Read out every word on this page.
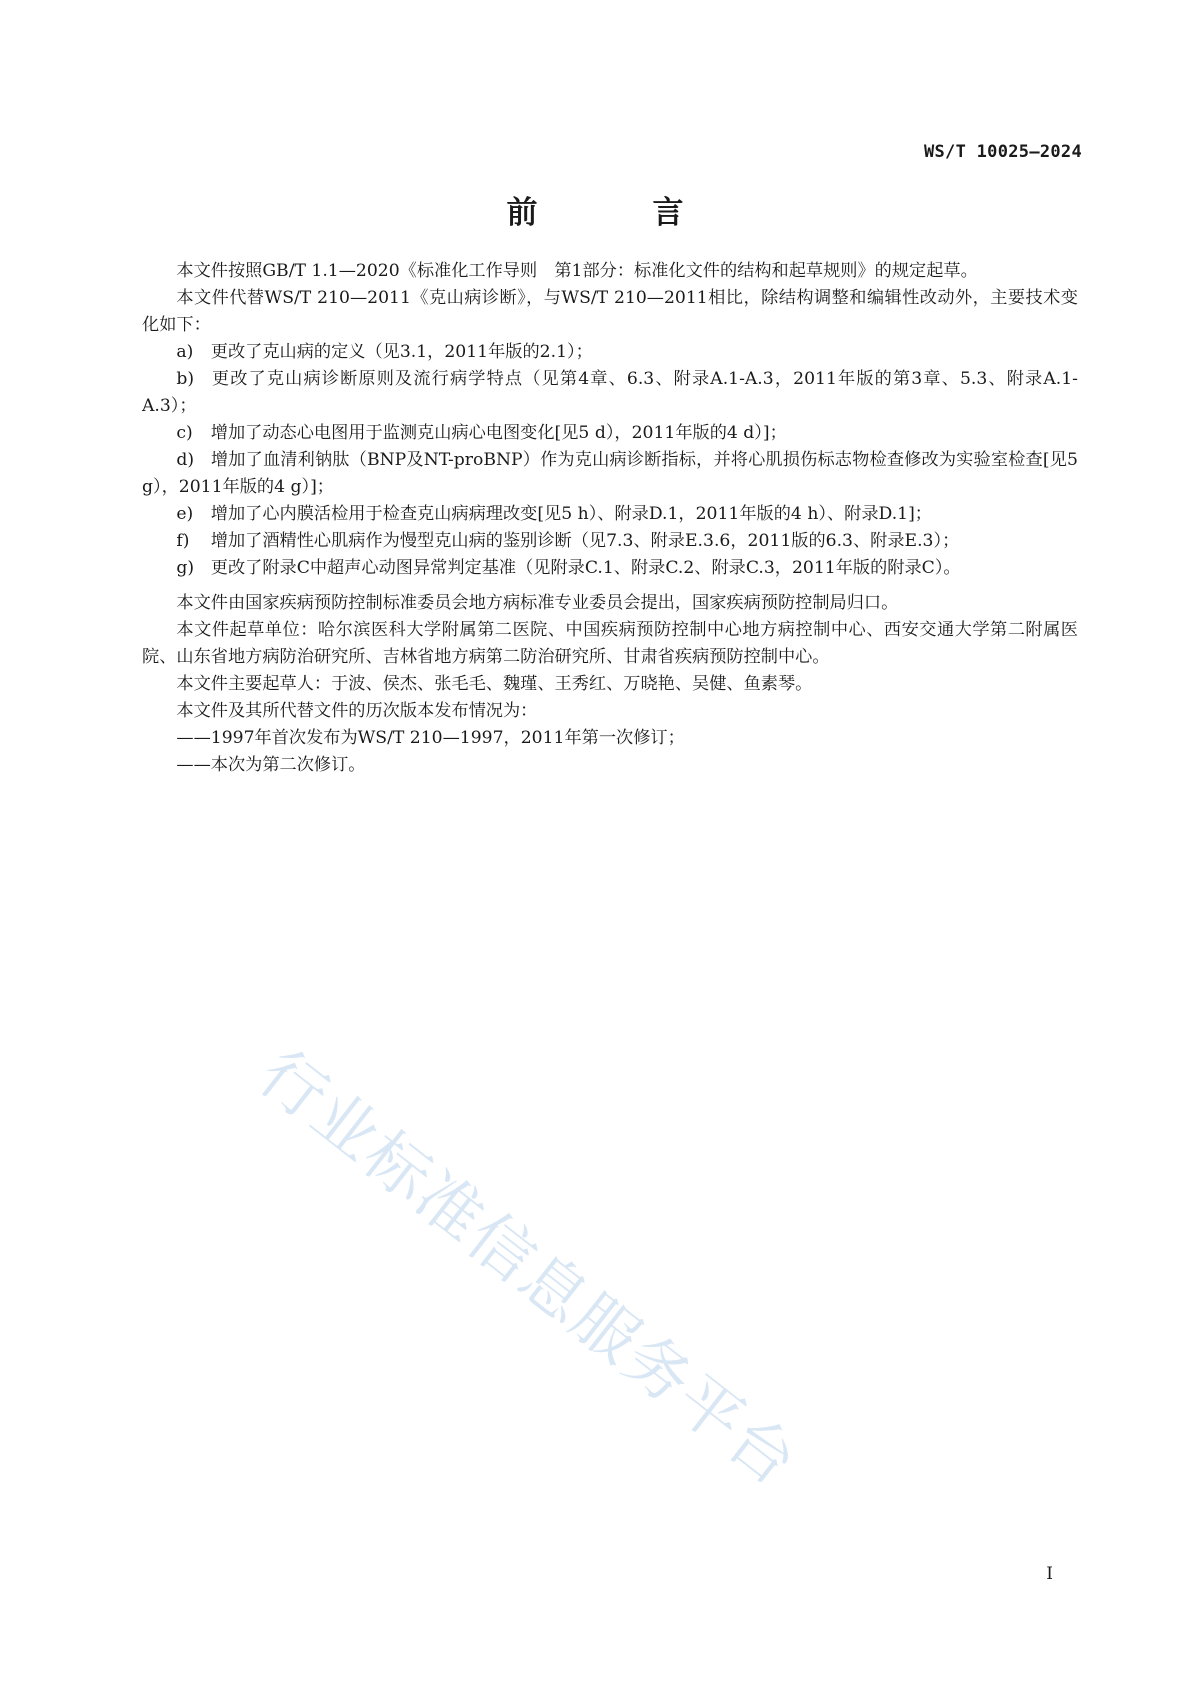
WS/T 10025—2024
前　言

本文件按照GB/T 1.1—2020《标准化工作导则　第1部分：标准化文件的结构和起草规则》的规定起草。

本文件代替WS/T 210—2011《克山病诊断》，与WS/T 210—2011相比，除结构调整和编辑性改动外，主要技术变化如下：

a) 更改了克山病的定义（见3.1，2011年版的2.1）；

b) 更改了克山病诊断原则及流行病学特点（见第4章、6.3、附录A.1-A.3，2011年版的第3章、5.3、附录A.1-A.3）；

c) 增加了动态心电图用于监测克山病心电图变化[见5 d），2011年版的4 d）]；

d) 增加了血清利钠肽（BNP及NT-proBNP）作为克山病诊断指标，并将心肌损伤标志物检查修改为实验室检查[见5 g），2011年版的4 g）]；

e) 增加了心内膜活检用于检查克山病病理改变[见5 h）、附录D.1，2011年版的4 h）、附录D.1]；

f) 增加了酒精性心肌病作为慢型克山病的鉴别诊断（见7.3、附录E.3.6，2011版的6.3、附录E.3）；

g) 更改了附录C中超声心动图异常判定基准（见附录C.1、附录C.2、附录C.3，2011年版的附录C）。

本文件由国家疾病预防控制标准委员会地方病标准专业委员会提出，国家疾病预防控制局归口。

本文件起草单位：哈尔滨医科大学附属第二医院、中国疾病预防控制中心地方病控制中心、西安交通大学第二附属医院、山东省地方病防治研究所、吉林省地方病第二防治研究所、甘肃省疾病预防控制中心。

本文件主要起草人：于波、侯杰、张毛毛、魏瑾、王秀红、万晓艳、吴健、鱼素琴。

本文件及其所代替文件的历次版本发布情况为：

——1997年首次发布为WS/T 210—1997，2011年第一次修订；

——本次为第二次修订。

行业标准信息服务平台
I
